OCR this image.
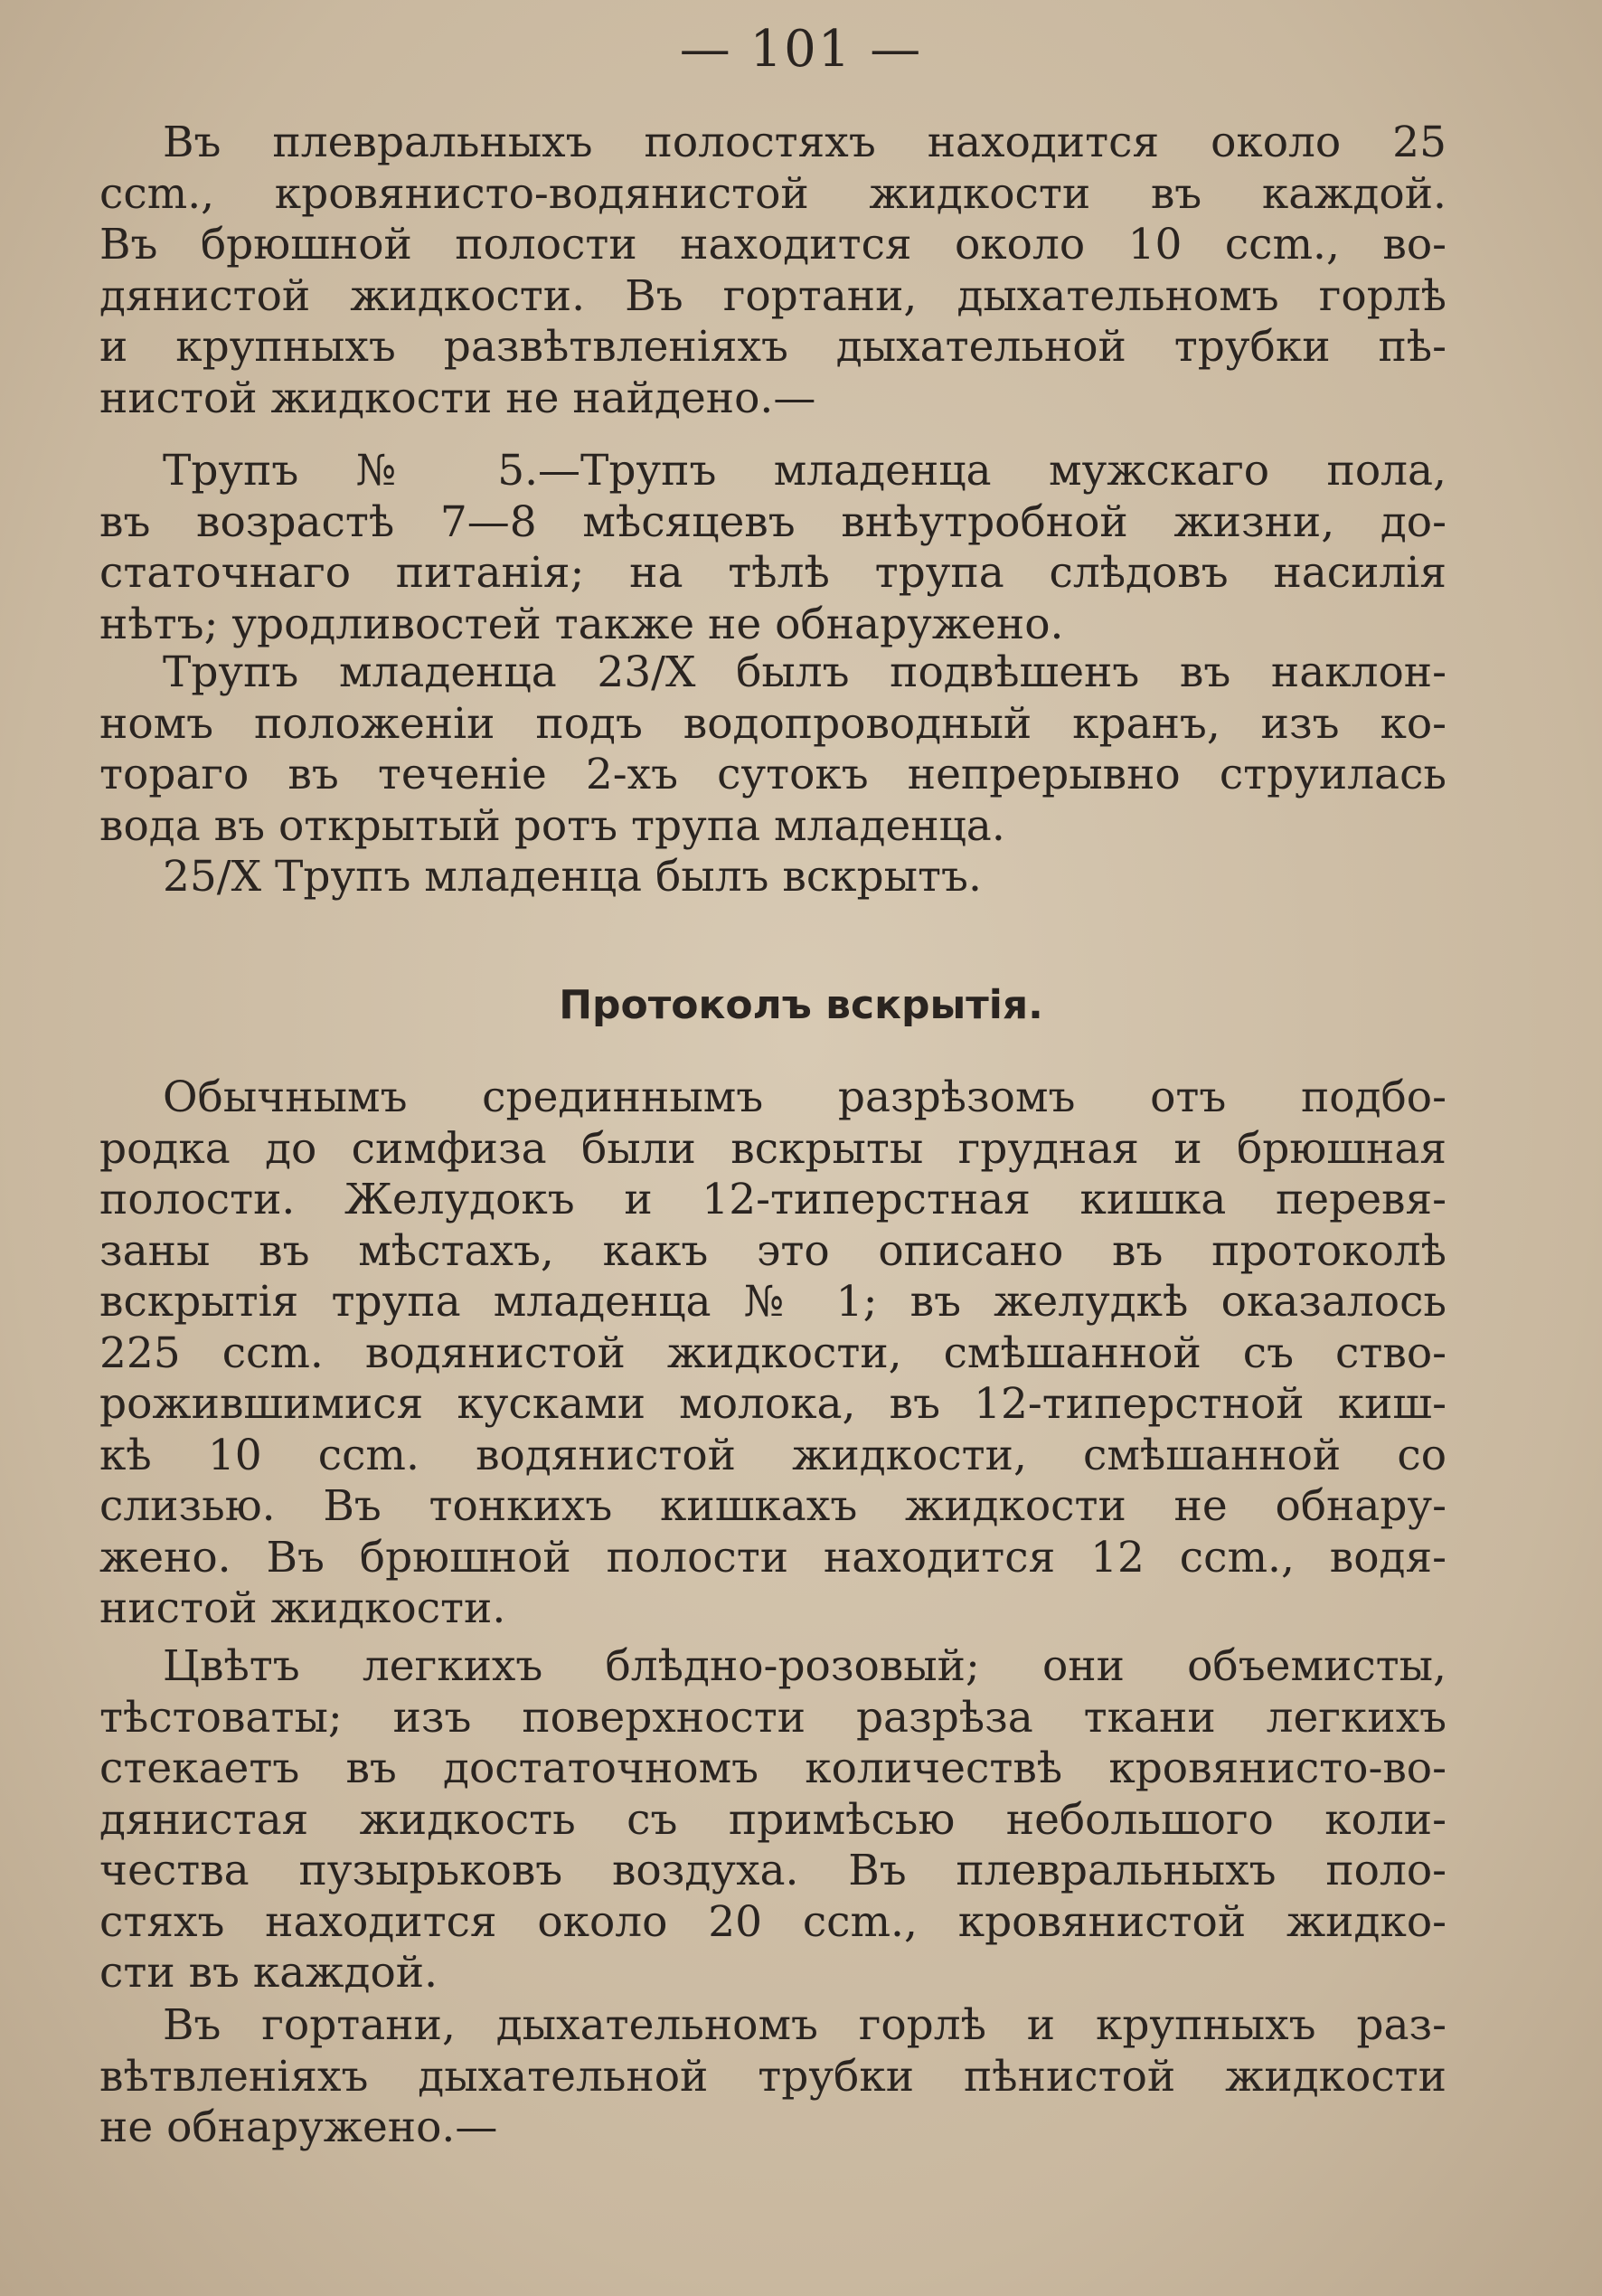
— 101 —
Въ плевральныхъ полостяхъ находится около 25
ccm., кровянисто-водянистой жидкости въ каждой.
Въ брюшной полости находится около 10 ccm., во-
дянистой жидкости. Въ гортани, дыхательномъ горлѣ
и крупныхъ развѣтвленіяхъ дыхательной трубки пѣ-
нистой жидкости не найдено.—
Трупъ № 5.—Трупъ младенца мужскаго пола,
въ возрастѣ 7—8 мѣсяцевъ внѣутробной жизни, до-
статочнаго питанія; на тѣлѣ трупа слѣдовъ насилія
нѣтъ; уродливостей также не обнаружено.
Трупъ младенца 23/X былъ подвѣшенъ въ наклон-
номъ положеніи подъ водопроводный кранъ, изъ ко-
тораго въ теченіе 2-хъ сутокъ непрерывно струилась
вода въ открытый ротъ трупа младенца.
25/X Трупъ младенца былъ вскрытъ.
Протоколъ вскрытія.
Обычнымъ срединнымъ разрѣзомъ отъ подбо-
родка до симфиза были вскрыты грудная и брюшная
полости. Желудокъ и 12-типерстная кишка перевя-
заны въ мѣстахъ, какъ это описано въ протоколѣ
вскрытія трупа младенца № 1; въ желудкѣ оказалось
225 ccm. водянистой жидкости, смѣшанной съ ство-
рожившимися кусками молока, въ 12-типерстной киш-
кѣ 10 ccm. водянистой жидкости, смѣшанной со
слизью. Въ тонкихъ кишкахъ жидкости не обнару-
жено. Въ брюшной полости находится 12 ccm., водя-
нистой жидкости.
Цвѣтъ легкихъ блѣдно-розовый; они объемисты,
тѣстоваты; изъ поверхности разрѣза ткани легкихъ
стекаетъ въ достаточномъ количествѣ кровянисто-во-
дянистая жидкость съ примѣсью небольшого коли-
чества пузырьковъ воздуха. Въ плевральныхъ поло-
стяхъ находится около 20 ccm., кровянистой жидко-
сти въ каждой.
Въ гортани, дыхательномъ горлѣ и крупныхъ раз-
вѣтвленіяхъ дыхательной трубки пѣнистой жидкости
не обнаружено.—
